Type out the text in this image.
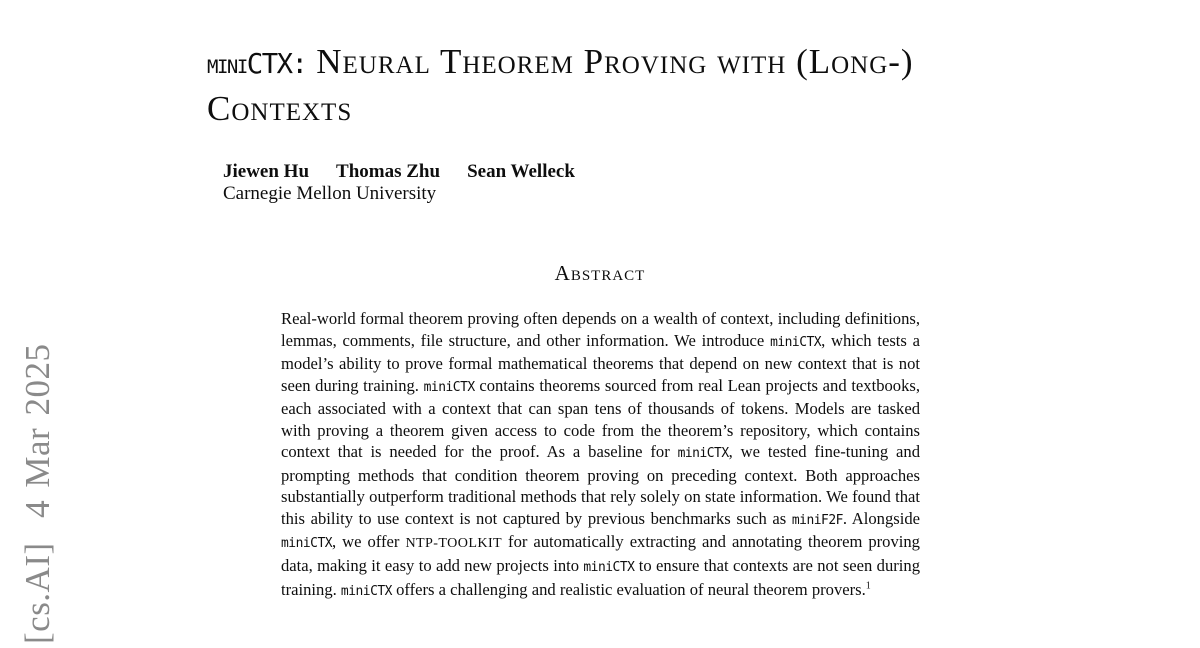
[cs.AI]  4 Mar 2025
miniCTX: Neural Theorem Proving with (Long-)
Contexts
Jiewen Hu Thomas Zhu Sean Welleck
Carnegie Mellon University
Abstract

Real-world formal theorem proving often depends on a wealth of context, including definitions, lemmas, comments, file structure, and other information. We introduce miniCTX, which tests a model’s ability to prove formal mathematical theorems that depend on new context that is not seen during training. miniCTX contains theorems sourced from real Lean projects and textbooks, each associated with a context that can span tens of thousands of tokens. Models are tasked with proving a theorem given access to code from the theorem’s repository, which contains context that is needed for the proof. As a baseline for miniCTX, we tested fine-tuning and prompting methods that condition theorem proving on preceding context. Both approaches substantially outperform traditional methods that rely solely on state information. We found that this ability to use context is not captured by previous benchmarks such as miniF2F. Alongside miniCTX, we offer NTP-TOOLKIT for automatically extracting and annotating theorem proving data, making it easy to add new projects into miniCTX to ensure that contexts are not seen during training. miniCTX offers a challenging and realistic evaluation of neural theorem provers.$^1$
